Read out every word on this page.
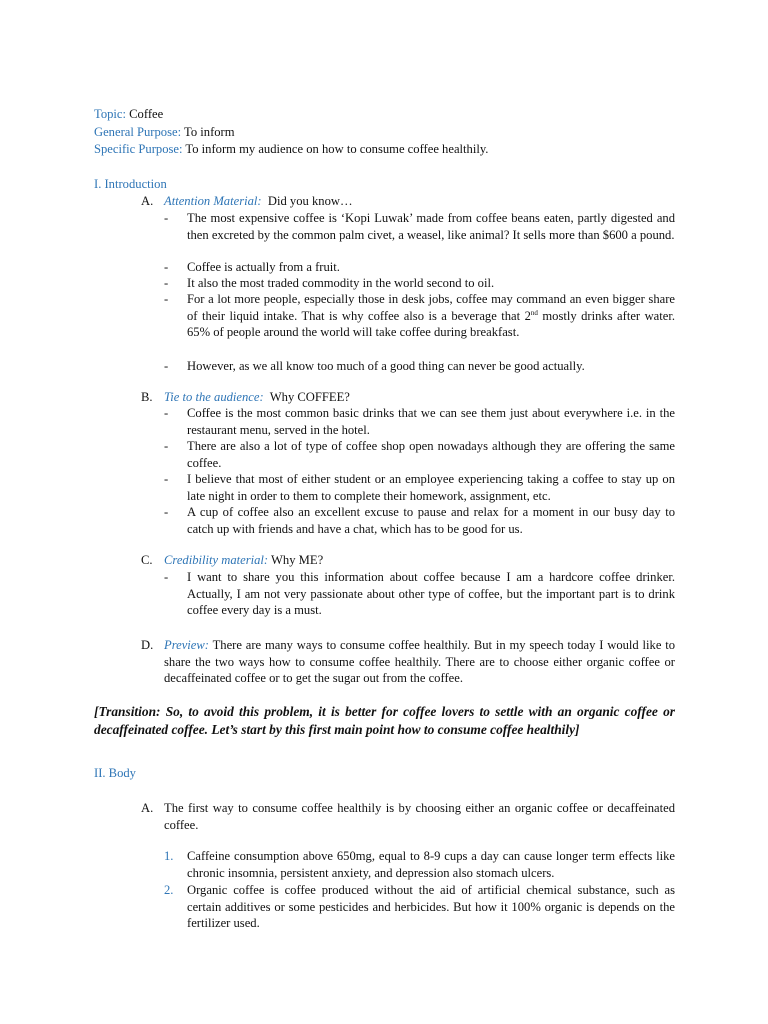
Topic: Coffee
General Purpose: To inform
Specific Purpose: To inform my audience on how to consume coffee healthily.
I. Introduction
A. Attention Material: Did you know…
- The most expensive coffee is ‘Kopi Luwak’ made from coffee beans eaten, partly digested and then excreted by the common palm civet, a weasel, like animal? It sells more than $600 a pound.
- Coffee is actually from a fruit.
- It also the most traded commodity in the world second to oil.
- For a lot more people, especially those in desk jobs, coffee may command an even bigger share of their liquid intake. That is why coffee also is a beverage that 2nd mostly drinks after water. 65% of people around the world will take coffee during breakfast.
- However, as we all know too much of a good thing can never be good actually.
B. Tie to the audience: Why COFFEE?
- Coffee is the most common basic drinks that we can see them just about everywhere i.e. in the restaurant menu, served in the hotel.
- There are also a lot of type of coffee shop open nowadays although they are offering the same coffee.
- I believe that most of either student or an employee experiencing taking a coffee to stay up on late night in order to them to complete their homework, assignment, etc.
- A cup of coffee also an excellent excuse to pause and relax for a moment in our busy day to catch up with friends and have a chat, which has to be good for us.
C. Credibility material: Why ME?
- I want to share you this information about coffee because I am a hardcore coffee drinker. Actually, I am not very passionate about other type of coffee, but the important part is to drink coffee every day is a must.
D. Preview: There are many ways to consume coffee healthily. But in my speech today I would like to share the two ways how to consume coffee healthily. There are to choose either organic coffee or decaffeinated coffee or to get the sugar out from the coffee.
[Transition: So, to avoid this problem, it is better for coffee lovers to settle with an organic coffee or decaffeinated coffee. Let’s start by this first main point how to consume coffee healthily]
II. Body
A. The first way to consume coffee healthily is by choosing either an organic coffee or decaffeinated coffee.
1. Caffeine consumption above 650mg, equal to 8-9 cups a day can cause longer term effects like chronic insomnia, persistent anxiety, and depression also stomach ulcers.
2. Organic coffee is coffee produced without the aid of artificial chemical substance, such as certain additives or some pesticides and herbicides. But how it 100% organic is depends on the fertilizer used.
